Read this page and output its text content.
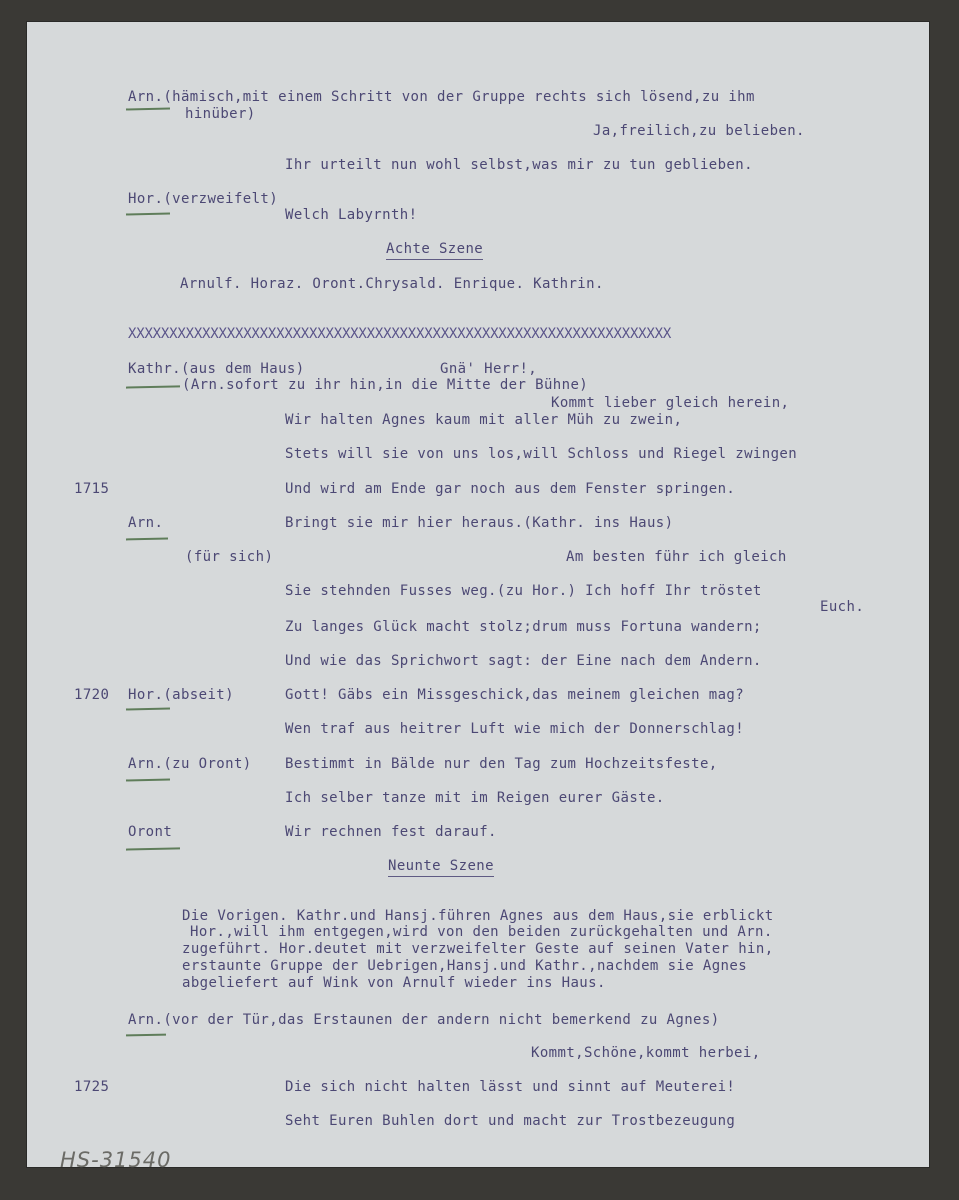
Arn.(hämisch,mit einem Schritt von der Gruppe rechts sich lösend,zu ihm
hinüber)
Ja,freilich,zu belieben.
Ihr urteilt nun wohl selbst,was mir zu tun geblieben.
Hor.(verzweifelt)
Welch Labyrnth!
Achte Szene
Arnulf. Horaz. Oront.Chrysald. Enrique. Kathrin.
XXXXXXXXXXXXXXXXXXXXXXXXXXXXXXXXXXXXXXXXXXXXXXXXXXXXXXXXXXXXXXXXXX
Kathr.(aus dem Haus)	Gnä' Herr!,
(Arn.sofort zu ihr hin,in die Mitte der Bühne)
Kommt lieber gleich herein,
Wir halten Agnes kaum mit aller Müh zu zwein,
Stets will sie von uns los,will Schloss und Riegel zwingen
1715	Und wird am Ende gar noch aus dem Fenster springen.
Arn.	Bringt sie mir hier heraus.(Kathr. ins Haus)
(für sich)	Am besten führ ich gleich
Sie stehnden Fusses weg.(zu Hor.) Ich hoff Ihr tröstet
Euch.
Zu langes Glück macht stolz;drum muss Fortuna wandern;
Und wie das Sprichwort sagt: der Eine nach dem Andern.
1720 Hor.(abseit)	Gott! Gäbs ein Missgeschick,das meinem gleichen mag?
Wen traf aus heitrer Luft wie mich der Donnerschlag!
Arn.(zu Oront) Bestimmt in Bälde nur den Tag zum Hochzeitsfeste,
Ich selber tanze mit im Reigen eurer Gäste.
Oront	Wir rechnen fest darauf.
Neunte Szene
Die Vorigen. Kathr.und Hansj.führen Agnes aus dem Haus,sie erblickt
Hor.,will ihm entgegen,wird von den beiden zurückgehalten und Arn.
zugeführt. Hor.deutet mit verzweifelter Geste auf seinen Vater hin,
erstaunte Gruppe der Uebrigen,Hansj.und Kathr.,nachdem sie Agnes
abgeliefert auf Wink von Arnulf wieder ins Haus.
Arn.(vor der Tür,das Erstaunen der andern nicht bemerkend zu Agnes)
Kommt,Schöne,kommt herbei,
1725	Die sich nicht halten lässt und sinnt auf Meuterei!
Seht Euren Buhlen dort und macht zur Trostbezeugung
HS-31540
